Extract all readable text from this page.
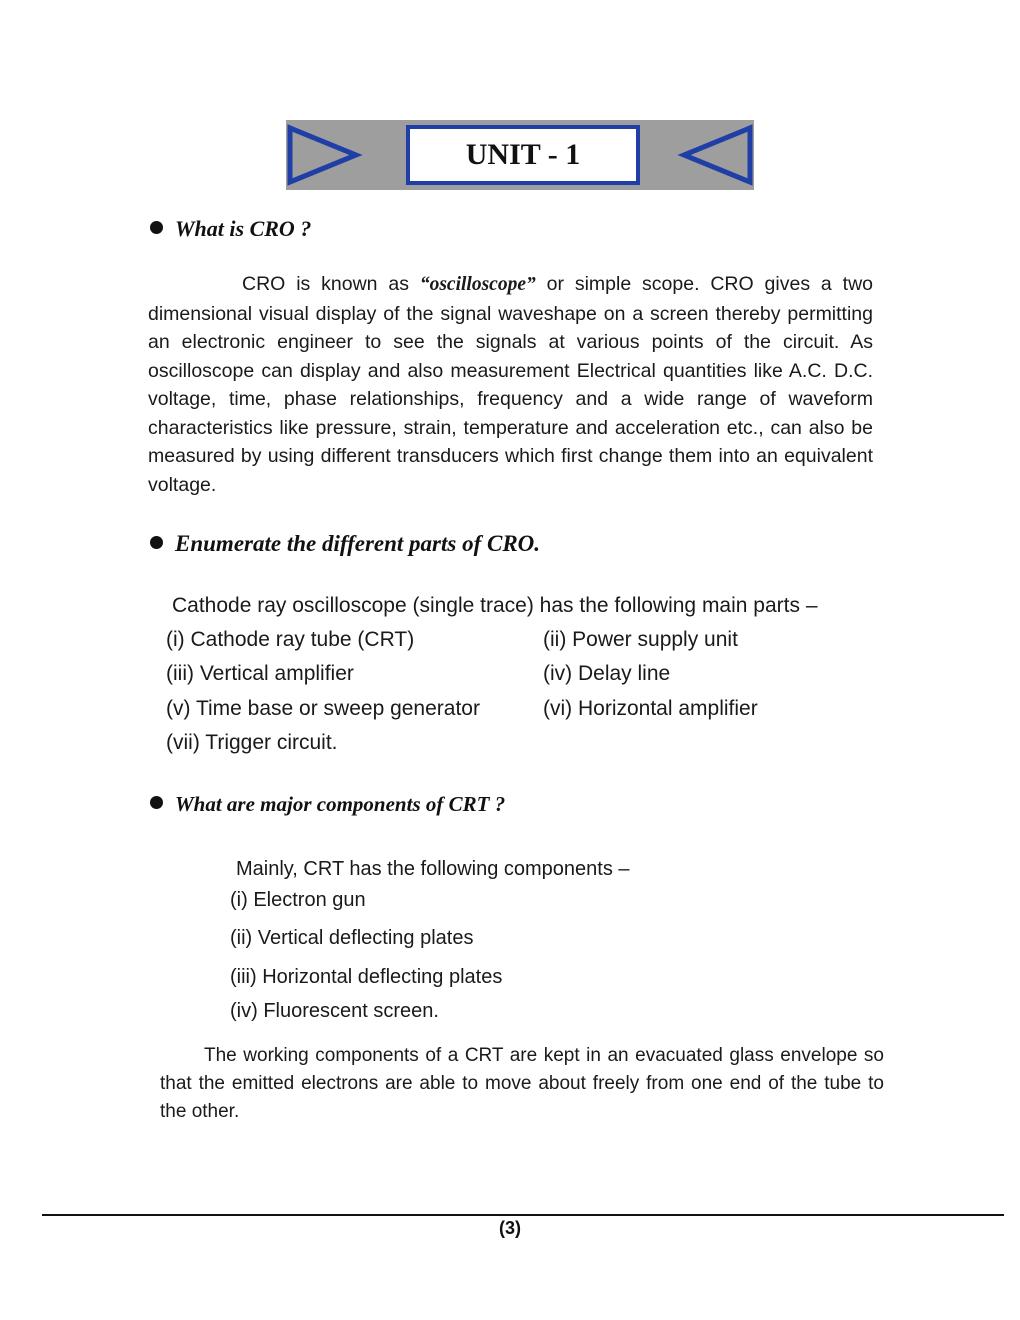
UNIT - 1
What is CRO ?
CRO is known as “oscilloscope” or simple scope. CRO gives a two dimensional visual display of the signal waveshape on a screen thereby permitting an electronic engineer to see the signals at various points of the circuit. As oscilloscope can display and also measurement Electrical quantities like A.C. D.C. voltage, time, phase relationships, frequency and a wide range of waveform characteristics like pressure, strain, temperature and acceleration etc., can also be measured by using different transducers which first change them into an equivalent voltage.
Enumerate the different parts of CRO.
Cathode ray oscilloscope (single trace) has the following main parts –
(i) Cathode ray tube (CRT)	(ii) Power supply unit
(iii) Vertical amplifier	(iv) Delay line
(v) Time base or sweep generator	(vi) Horizontal amplifier
(vii) Trigger circuit.
What are major components of CRT ?
Mainly, CRT has the following components –
(i) Electron gun
(ii) Vertical deflecting plates
(iii) Horizontal deflecting plates
(iv) Fluorescent screen.
The working components of a CRT are kept in an evacuated glass envelope so that the emitted electrons are able to move about freely from one end of the tube to the other.
(3)
